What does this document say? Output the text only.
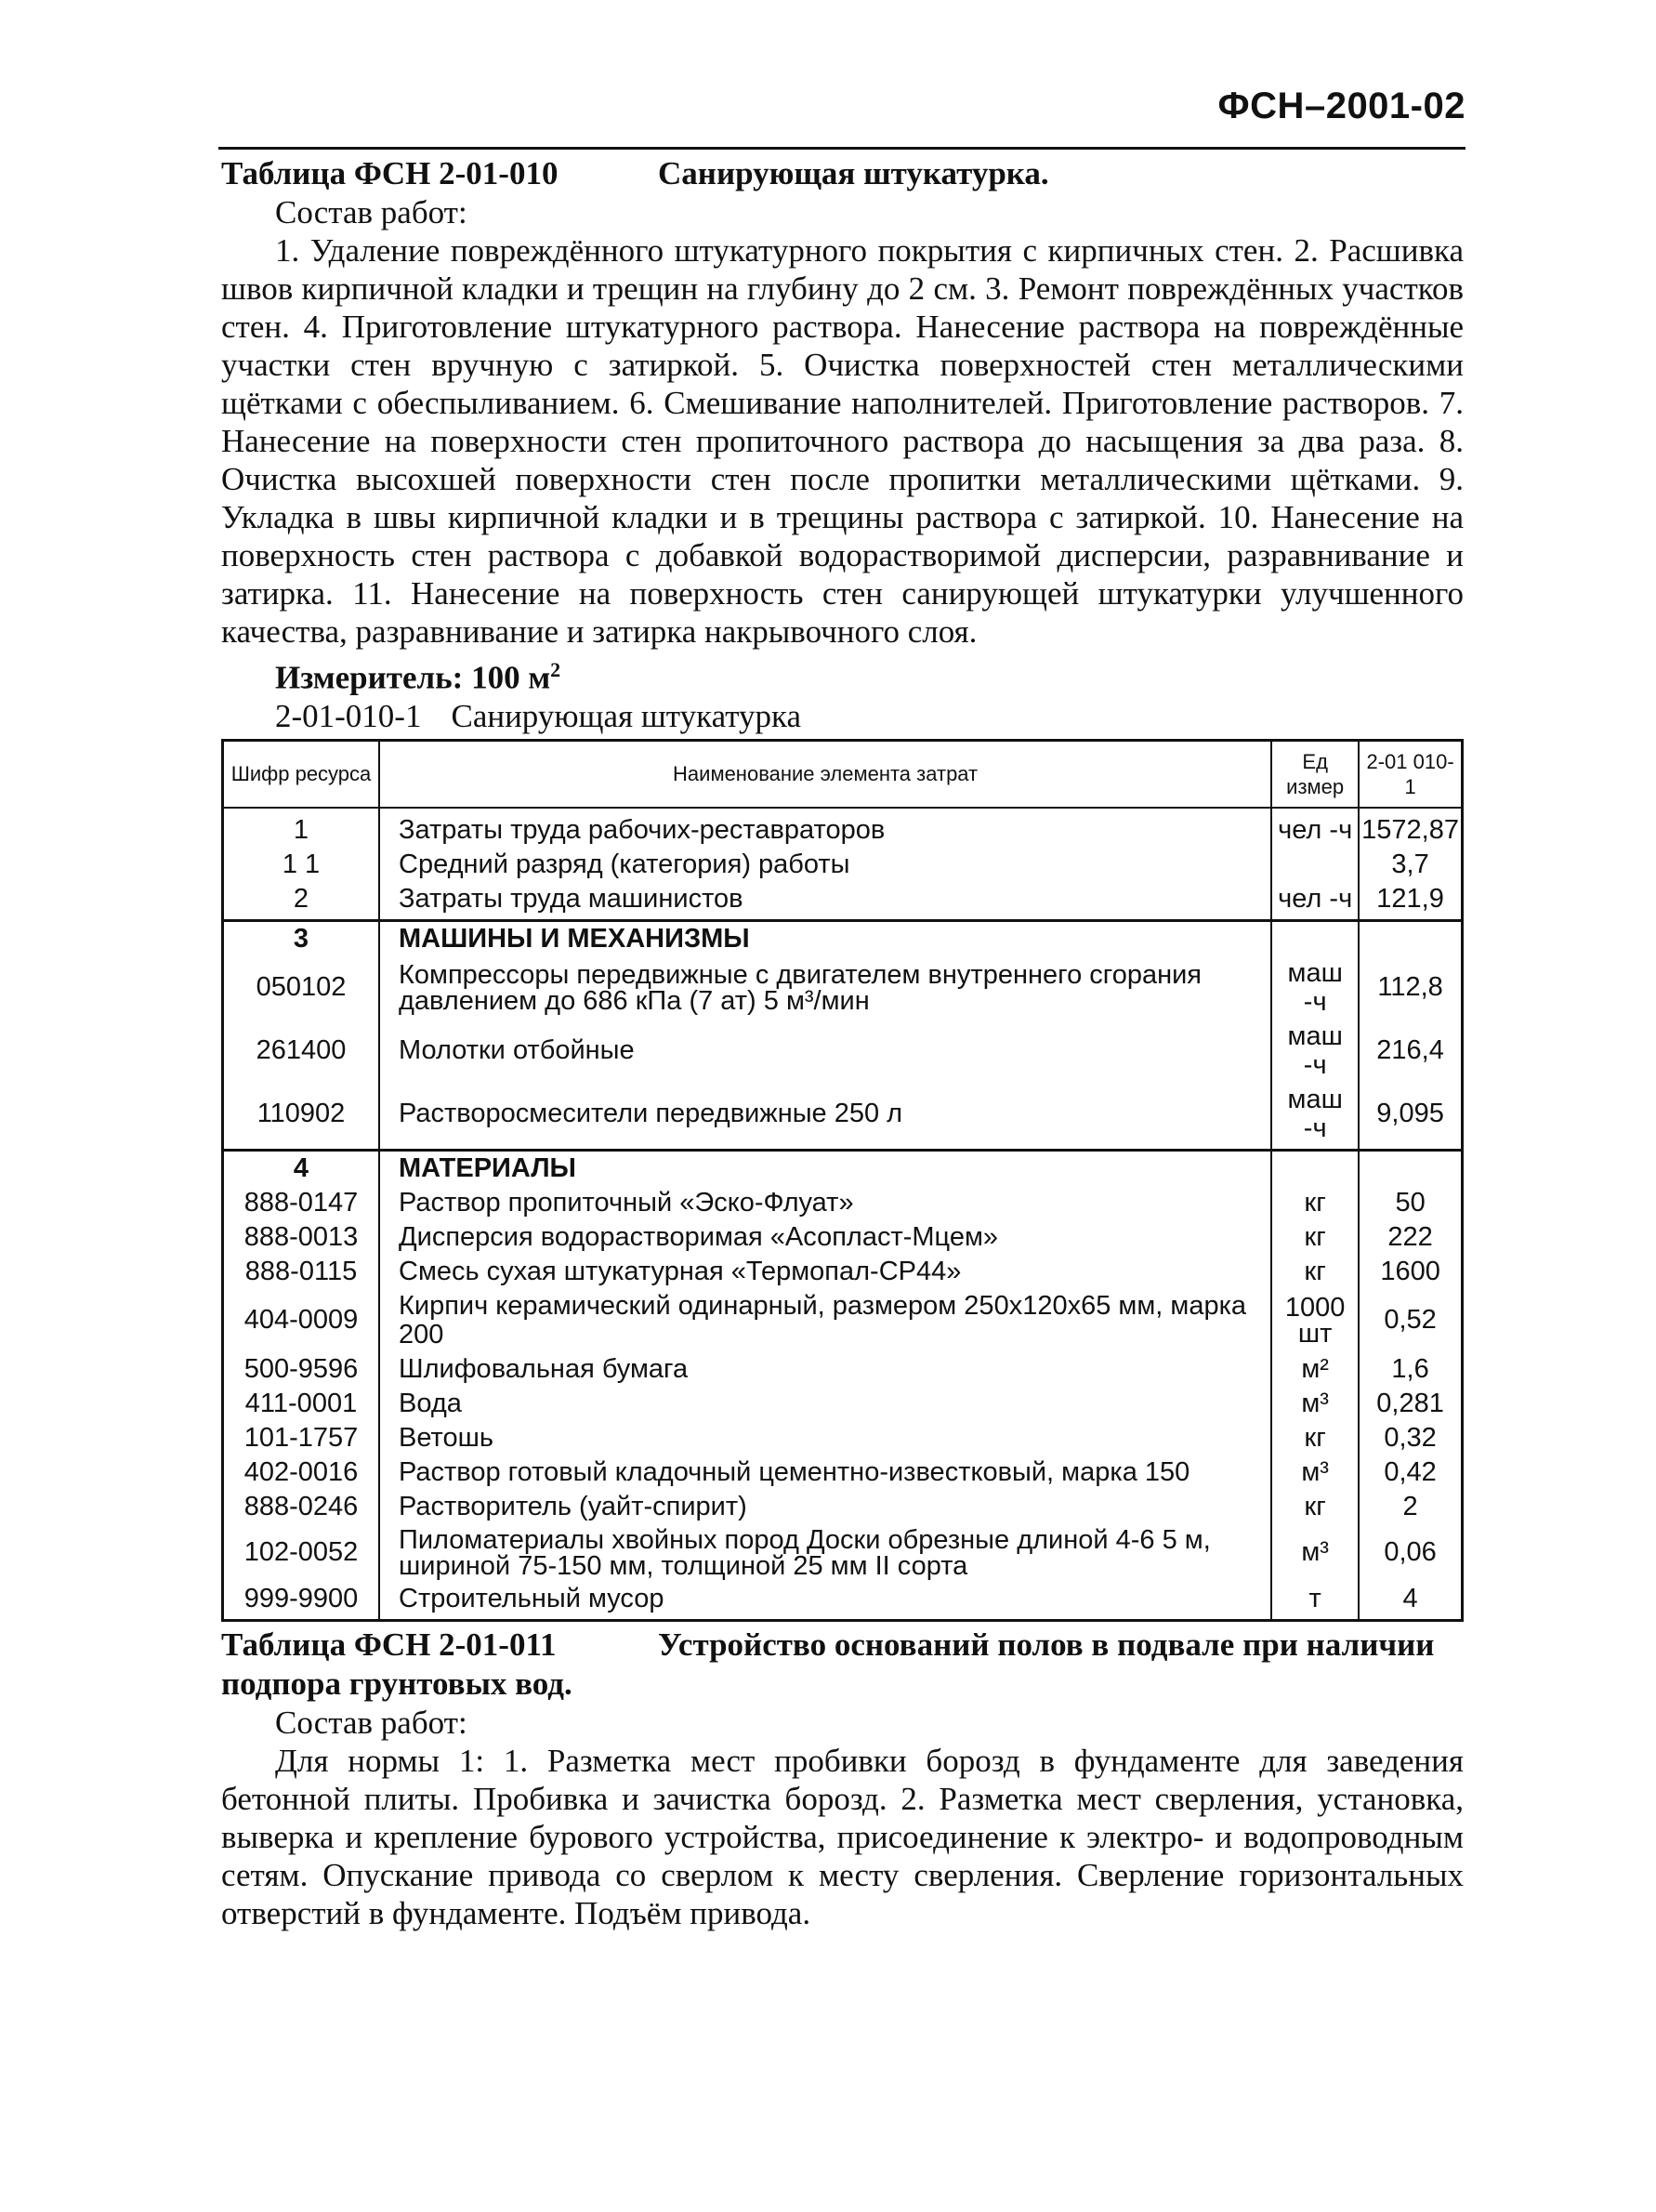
ФСН–2001-02
Таблица ФСН 2-01-010	Санирующая штукатурка.
Состав работ:
1. Удаление повреждённого штукатурного покрытия с кирпичных стен. 2. Расшивка швов кирпичной кладки и трещин на глубину до 2 см. 3. Ремонт повреждённых участков стен. 4. Приготовление штукатурного раствора. Нанесение раствора на повреждённые участки стен вручную с затиркой. 5. Очистка поверхностей стен металлическими щётками с обеспыливанием. 6. Смешивание наполнителей. Приготовление растворов. 7. Нанесение на поверхности стен пропиточного раствора до насыщения за два раза. 8. Очистка высохшей поверхности стен после пропитки металлическими щётками. 9. Укладка в швы кирпичной кладки и в трещины раствора с затиркой. 10. Нанесение на поверхность стен раствора с добавкой водорастворимой дисперсии, разравнивание и затирка. 11. Нанесение на поверхность стен санирующей штукатурки улучшенного качества, разравнивание и затирка накрывочного слоя.
Измеритель: 100 $м^2$
2-01-010-1 Санирующая штукатурка
Шифр ресурса	Наименование элемента затрат	Ед измер	2-01 010-1
1	Затраты труда рабочих-реставраторов	чел -ч	1572,87
1 1	Средний разряд (категория) работы		3,7
2	Затраты труда машинистов	чел -ч	121,9
3	МАШИНЫ И МЕХАНИЗМЫ		
050102	Компрессоры передвижные с двигателем внутреннего сгорания давлением до 686 кПа (7 ат) 5 м³/мин	маш -ч	112,8
261400	Молотки отбойные	маш -ч	216,4
110902	Растворосмесители передвижные 250 л	маш -ч	9,095
4	МАТЕРИАЛЫ		
888-0147	Раствор пропиточный «Эско-Флуат»	кг	50
888-0013	Дисперсия водорастворимая «Асопласт-Мцем»	кг	222
888-0115	Смесь сухая штукатурная «Термопал-СР44»	кг	1600
404-0009	Кирпич керамический одинарный, размером 250х120х65 мм, марка 200	1000 шт	0,52
500-9596	Шлифовальная бумага	м²	1,6
411-0001	Вода	м³	0,281
101-1757	Ветошь	кг	0,32
402-0016	Раствор готовый кладочный цементно-известковый, марка 150	м³	0,42
888-0246	Растворитель (уайт-спирит)	кг	2
102-0052	Пиломатериалы хвойных пород Доски обрезные длиной 4-6 5 м, шириной 75-150 мм, толщиной 25 мм II сорта	м³	0,06
999-9900	Строительный мусор	т	4
Таблица ФСН 2-01-011	Устройство оснований полов в подвале при наличии подпора грунтовых вод.
Состав работ:
Для нормы 1: 1. Разметка мест пробивки борозд в фундаменте для заведения бетонной плиты. Пробивка и зачистка борозд. 2. Разметка мест сверления, установка, выверка и крепление бурового устройства, присоединение к электро- и водопроводным сетям. Опускание привода со сверлом к месту сверления. Сверление горизонтальных отверстий в фундаменте. Подъём привода.
